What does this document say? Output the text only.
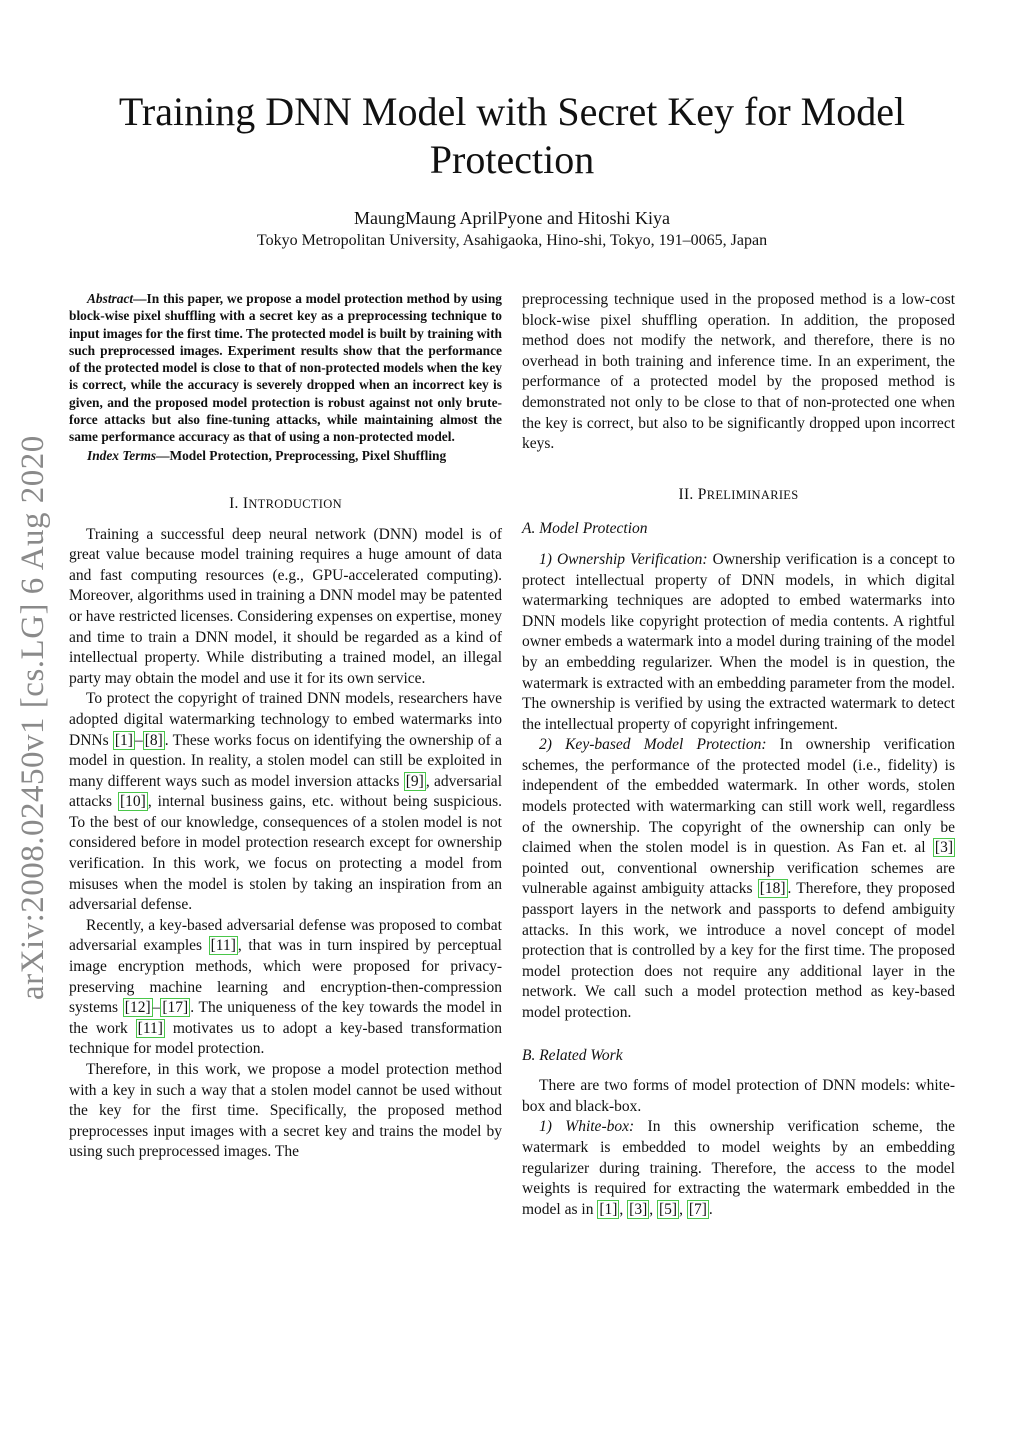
arXiv:2008.02450v1 [cs.LG] 6 Aug 2020
Training DNN Model with Secret Key for Model Protection
MaungMaung AprilPyone and Hitoshi Kiya
Tokyo Metropolitan University, Asahigaoka, Hino-shi, Tokyo, 191–0065, Japan

Abstract—In this paper, we propose a model protection method by using block-wise pixel shuffling with a secret key as a preprocessing technique to input images for the first time. The protected model is built by training with such preprocessed images. Experiment results show that the performance of the protected model is close to that of non-protected models when the key is correct, while the accuracy is severely dropped when an incorrect key is given, and the proposed model protection is robust against not only brute-force attacks but also fine-tuning attacks, while maintaining almost the same performance accuracy as that of using a non-protected model.

Index Terms—Model Protection, Preprocessing, Pixel Shuffling

I. INTRODUCTION

Training a successful deep neural network (DNN) model is of great value because model training requires a huge amount of data and fast computing resources (e.g., GPU-accelerated computing). Moreover, algorithms used in training a DNN model may be patented or have restricted licenses. Considering expenses on expertise, money and time to train a DNN model, it should be regarded as a kind of intellectual property. While distributing a trained model, an illegal party may obtain the model and use it for its own service.

To protect the copyright of trained DNN models, researchers have adopted digital watermarking technology to embed watermarks into DNNs [1] – [8] . These works focus on identifying the ownership of a model in question. In reality, a stolen model can still be exploited in many different ways such as model inversion attacks [9] , adversarial attacks [10] , internal business gains, etc. without being suspicious. To the best of our knowledge, consequences of a stolen model is not considered before in model protection research except for ownership verification. In this work, we focus on protecting a model from misuses when the model is stolen by taking an inspiration from an adversarial defense.

Recently, a key-based adversarial defense was proposed to combat adversarial examples [11] , that was in turn inspired by perceptual image encryption methods, which were proposed for privacy-preserving machine learning and encryption-then-compression systems [12] – [17] . The uniqueness of the key towards the model in the work [11] motivates us to adopt a key-based transformation technique for model protection.

Therefore, in this work, we propose a model protection method with a key in such a way that a stolen model cannot be used without the key for the first time. Specifically, the proposed method preprocesses input images with a secret key and trains the model by using such preprocessed images. The

preprocessing technique used in the proposed method is a low-cost block-wise pixel shuffling operation. In addition, the proposed method does not modify the network, and therefore, there is no overhead in both training and inference time. In an experiment, the performance of a protected model by the proposed method is demonstrated not only to be close to that of non-protected one when the key is correct, but also to be significantly dropped upon incorrect keys.

II. PRELIMINARIES
A. Model Protection

1) Ownership Verification: Ownership verification is a concept to protect intellectual property of DNN models, in which digital watermarking techniques are adopted to embed watermarks into DNN models like copyright protection of media contents. A rightful owner embeds a watermark into a model during training of the model by an embedding regularizer. When the model is in question, the watermark is extracted with an embedding parameter from the model. The ownership is verified by using the extracted watermark to detect the intellectual property of copyright infringement.

2) Key-based Model Protection: In ownership verification schemes, the performance of the protected model (i.e., fidelity) is independent of the embedded watermark. In other words, stolen models protected with watermarking can still work well, regardless of the ownership. The copyright of the ownership can only be claimed when the stolen model is in question. As Fan et. al [3] pointed out, conventional ownership verification schemes are vulnerable against ambiguity attacks [18] . Therefore, they proposed passport layers in the network and passports to defend ambiguity attacks. In this work, we introduce a novel concept of model protection that is controlled by a key for the first time. The proposed model protection does not require any additional layer in the network. We call such a model protection method as key-based model protection.

B. Related Work

There are two forms of model protection of DNN models: white-box and black-box.

1) White-box: In this ownership verification scheme, the watermark is embedded to model weights by an embedding regularizer during training. Therefore, the access to the model weights is required for extracting the watermark embedded in the model as in [1] , [3] , [5] , [7] .
